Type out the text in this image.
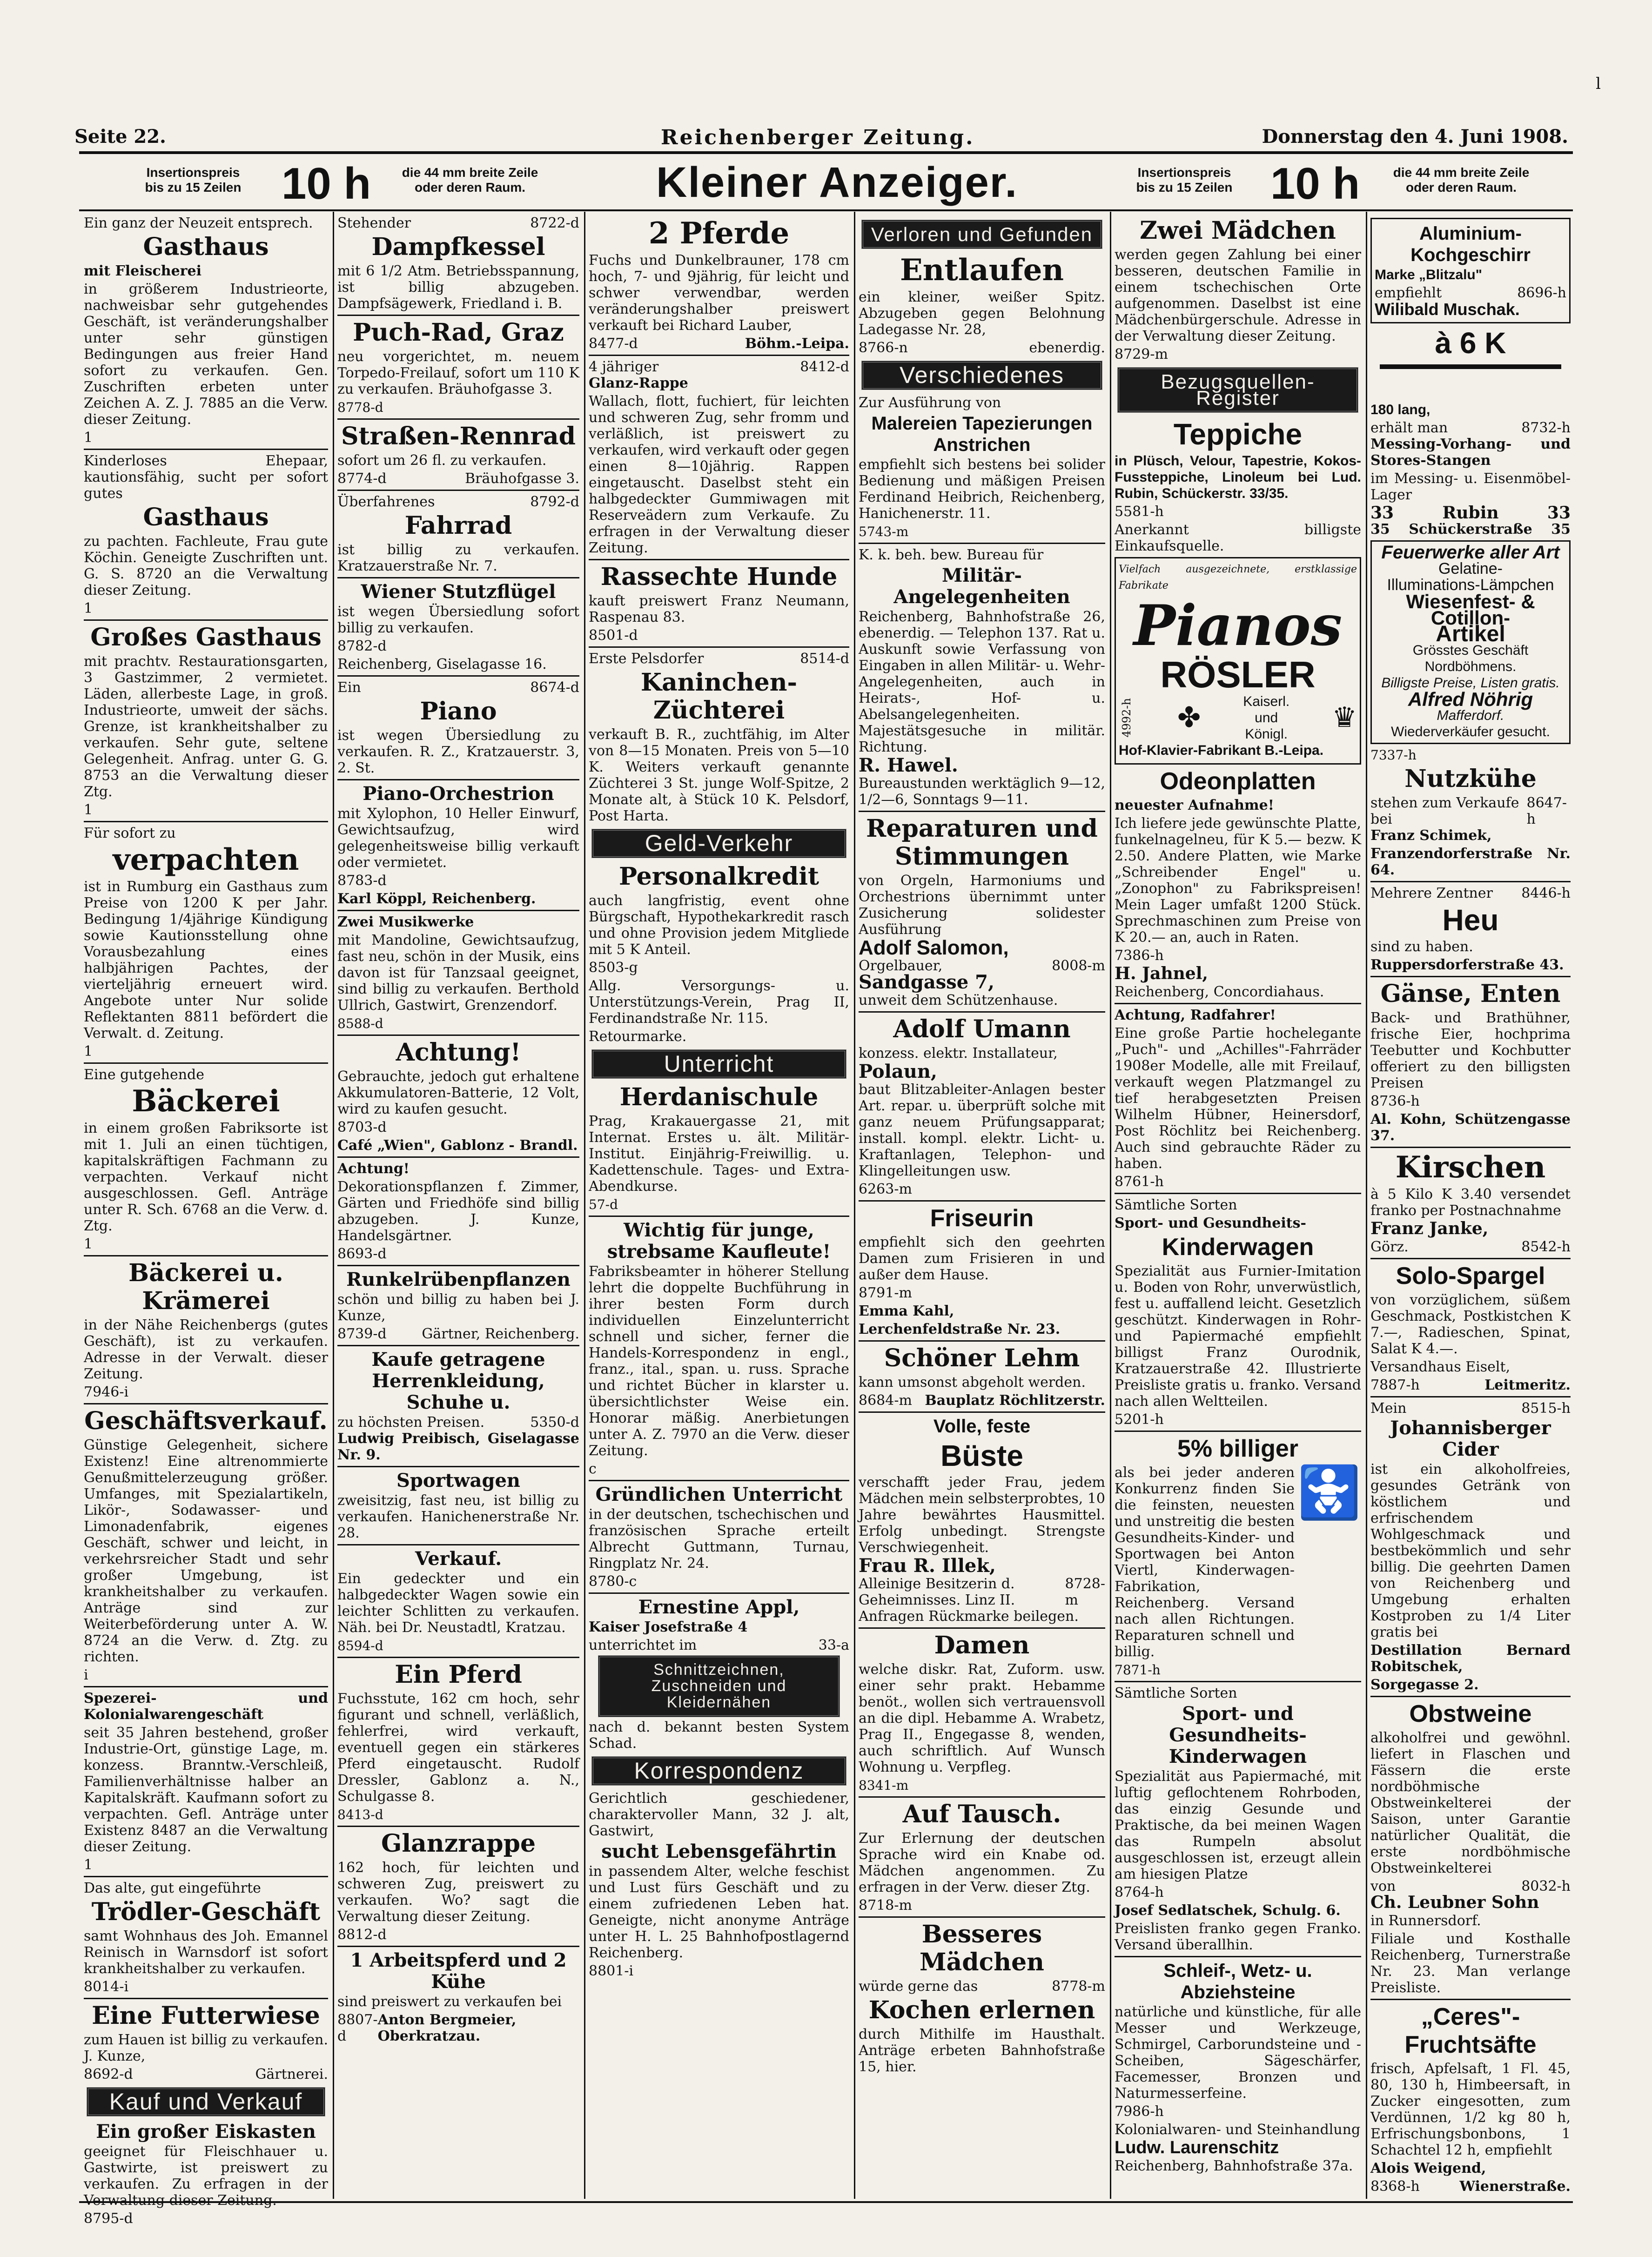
Seite 22.	Reichenberger Zeitung.	Donnerstag den 4. Juni 1908.
l
Insertionspreis
bis zu 15 Zeilen 10 h	die 44 mm breite Zeile
oder deren Raum.	Kleiner Anzeiger.	Insertionspreis
bis zu 15 Zeilen 10 h	die 44 mm breite Zeile
oder deren Raum.

Ein ganz der Neuzeit entsprech.

Gasthaus

mit Fleischerei

in größerem Industrieorte, nachweisbar sehr gutgehendes Geschäft, ist veränderungshalber unter sehr günstigen Bedingungen aus freier Hand sofort zu verkaufen. Gen. Zuschriften erbeten unter Zeichen A. Z. J. 7885 an die Verw. dieser Zeitung.

1

Kinderloses Ehepaar, kautionsfähig, sucht per sofort gutes

Gasthaus

zu pachten. Fachleute, Frau gute Köchin. Geneigte Zuschriften unt. G. S. 8720 an die Verwaltung dieser Zeitung.

1

Großes Gasthaus

mit prachtv. Restaurationsgarten, 3 Gastzimmer, 2 vermietet. Läden, allerbeste Lage, in groß. Industrieorte, umweit der sächs. Grenze, ist krankheitshalber zu verkaufen. Sehr gute, seltene Gelegenheit. Anfrag. unter G. G. 8753 an die Verwaltung dieser Ztg.

1

Für sofort zu

verpachten

ist in Rumburg ein Gasthaus zum Preise von 1200 K per Jahr. Bedingung 1/4jährige Kündigung sowie Kautionsstellung ohne Vorausbezahlung eines halbjährigen Pachtes, der vierteljährig erneuert wird. Angebote unter Nur solide Reflektanten 8811 befördert die Verwalt. d. Zeitung.

1

Eine gutgehende

Bäckerei

in einem großen Fabriksorte ist mit 1. Juli an einen tüchtigen, kapitalskräftigen Fachmann zu verpachten. Verkauf nicht ausgeschlossen. Gefl. Anträge unter R. Sch. 6768 an die Verw. d. Ztg.

1

Bäckerei u. Krämerei

in der Nähe Reichenbergs (gutes Geschäft), ist zu verkaufen. Adresse in der Verwalt. dieser Zeitung.

7946-i

Geschäftsverkauf.

Günstige Gelegenheit, sichere Existenz! Eine altrenommierte Genußmittelerzeugung größer. Umfanges, mit Spezialartikeln, Likör-, Sodawasser- und Limonadenfabrik, eigenes Geschäft, schwer und leicht, in verkehrsreicher Stadt und sehr großer Umgebung, ist krankheitshalber zu verkaufen. Anträge sind zur Weiterbeförderung unter A. W. 8724 an die Verw. d. Ztg. zu richten.

i

Spezerei- und Kolonialwarengeschäft

seit 35 Jahren bestehend, großer Industrie-Ort, günstige Lage, m. konzess. Branntw.-Verschleiß, Familienverhältnisse halber an Kapitalskräft. Kaufmann sofort zu verpachten. Gefl. Anträge unter Existenz 8487 an die Verwaltung dieser Zeitung.

1

Das alte, gut eingeführte

Trödler-Geschäft

samt Wohnhaus des Joh. Emannel Reinisch in Warnsdorf ist sofort krankheitshalber zu verkaufen.

8014-i

Eine Futterwiese

zum Hauen ist billig zu verkaufen. J. Kunze,

8692-d	Gärtnerei.
Kauf und Verkauf
Ein großer Eiskasten

geeignet für Fleischhauer u. Gastwirte, ist preiswert zu verkaufen. Zu erfragen in der Verwaltung dieser Zeitung.

8795-d

Stehender	8722-d
Dampfkessel

mit 6 1/2 Atm. Betriebsspannung, ist billig abzugeben. Dampfsägewerk, Friedland i. B.

Puch-Rad, Graz

neu vorgerichtet, m. neuem Torpedo-Freilauf, sofort um 110 K zu verkaufen. Bräuhofgasse 3.

8778-d

Straßen-Rennrad

sofort um 26 fl. zu verkaufen.

8774-d	Bräuhofgasse 3.
Überfahrenes	8792-d
Fahrrad

ist billig zu verkaufen. Kratzauerstraße Nr. 7.

Wiener Stutzflügel

ist wegen Übersiedlung sofort billig zu verkaufen.

8782-d

Reichenberg, Giselagasse 16.

Ein	8674-d
Piano

ist wegen Übersiedlung zu verkaufen. R. Z., Kratzauerstr. 3, 2. St.

Piano-Orchestrion

mit Xylophon, 10 Heller Einwurf, Gewichtsaufzug, wird gelegenheitsweise billig verkauft oder vermietet.

8783-d

Karl Köppl, Reichenberg.

Zwei Musikwerke

mit Mandoline, Gewichtsaufzug, fast neu, schön in der Musik, eins davon ist für Tanzsaal geeignet, sind billig zu verkaufen. Berthold Ullrich, Gastwirt, Grenzendorf.

8588-d

Achtung!

Gebrauchte, jedoch gut erhaltene Akkumulatoren-Batterie, 12 Volt, wird zu kaufen gesucht.

8703-d

Café „Wien", Gablonz - Brandl.

Achtung!

Dekorationspflanzen f. Zimmer, Gärten und Friedhöfe sind billig abzugeben. J. Kunze, Handelsgärtner.

8693-d

Runkelrübenpflanzen

schön und billig zu haben bei J. Kunze,

8739-d	Gärtner, Reichenberg.
Kaufe getragene Herrenkleidung, Schuhe u.
zu höchsten Preisen.	5350-d

Ludwig Preibisch, Giselagasse Nr. 9.

Sportwagen

zweisitzig, fast neu, ist billig zu verkaufen. Hanichenerstraße Nr. 28.

Verkauf.

Ein gedeckter und ein halbgedeckter Wagen sowie ein leichter Schlitten zu verkaufen. Näh. bei Dr. Neustadtl, Kratzau.

8594-d

Ein Pferd

Fuchsstute, 162 cm hoch, sehr figurant und schnell, verläßlich, fehlerfrei, wird verkauft, eventuell gegen ein stärkeres Pferd eingetauscht. Rudolf Dressler, Gablonz a. N., Schulgasse 8.

8413-d

Glanzrappe

162 hoch, für leichten und schweren Zug, preiswert zu verkaufen. Wo? sagt die Verwaltung dieser Zeitung.

8812-d

1 Arbeitspferd und 2 Kühe

sind preiswert zu verkaufen bei

8807-d
Anton Bergmeier, Oberkratzau.
2 Pferde

Fuchs und Dunkelbrauner, 178 cm hoch, 7- und 9jährig, für leicht und schwer verwendbar, werden veränderungshalber preiswert verkauft bei Richard Lauber,

8477-d	Böhm.-Leipa.
4 jähriger	8412-d

Glanz-Rappe

Wallach, flott, fuchiert, für leichten und schweren Zug, sehr fromm und verläßlich, ist preiswert zu verkaufen, wird verkauft oder gegen einen 8—10jährig. Rappen eingetauscht. Daselbst steht ein halbgedeckter Gummiwagen mit Reserveädern zum Verkaufe. Zu erfragen in der Verwaltung dieser Zeitung.

Rassechte Hunde

kauft preiswert Franz Neumann, Raspenau 83.

8501-d

Erste Pelsdorfer	8514-d
Kaninchen-Züchterei

verkauft B. R., zuchtfähig, im Alter von 8—15 Monaten. Preis von 5—10 K. Weiters verkauft genannte Züchterei 3 St. junge Wolf-Spitze, 2 Monate alt, à Stück 10 K. Pelsdorf, Post Harta.

Geld-Verkehr
Personalkredit

auch langfristig, event ohne Bürgschaft, Hypothekarkredit rasch und ohne Provision jedem Mitgliede mit 5 K Anteil.

8503-g

Allg. Versorgungs- u. Unterstützungs-Verein, Prag II, Ferdinandstraße Nr. 115.

Retourmarke.

Unterricht
Herdanischule

Prag, Krakauergasse 21, mit Internat. Erstes u. ält. Militär-Institut. Einjährig-Freiwillig. u. Kadettenschule. Tages- und Extra-Abendkurse.

57-d

Wichtig für junge, strebsame Kaufleute!

Fabriksbeamter in höherer Stellung lehrt die doppelte Buchführung in ihrer besten Form durch individuellen Einzelunterricht schnell und sicher, ferner die Handels-Korrespondenz in engl., franz., ital., span. u. russ. Sprache und richtet Bücher in klarster u. übersichtlichster Weise ein. Honorar mäßig. Anerbietungen unter A. Z. 7970 an die Verw. dieser Zeitung.

c

Gründlichen Unterricht

in der deutschen, tschechischen und französischen Sprache erteilt Albrecht Guttmann, Turnau, Ringplatz Nr. 24.

8780-c

Ernestine Appl,

Kaiser Josefstraße 4

unterrichtet im	33-a
Schnittzeichnen, Zuschneiden und Kleidernähen

nach d. bekannt besten System Schad.

Korrespondenz

Gerichtlich geschiedener, charaktervoller Mann, 32 J. alt, Gastwirt,

sucht Lebensgefährtin

in passendem Alter, welche feschist und Lust fürs Geschäft und zu einem zufriedenen Leben hat. Geneigte, nicht anonyme Anträge unter H. L. 25 Bahnhofpostlagernd Reichenberg.

8801-i

Verloren und Gefunden
Entlaufen

ein kleiner, weißer Spitz. Abzugeben gegen Belohnung Ladegasse Nr. 28,

8766-n	ebenerdig.
Verschiedenes

Zur Ausführung von

Malereien Tapezierungen Anstrichen

empfiehlt sich bestens bei solider Bedienung und mäßigen Preisen Ferdinand Heibrich, Reichenberg, Hanichenerstr. 11.

5743-m

K. k. beh. bew. Bureau für

Militär-Angelegenheiten

Reichenberg, Bahnhofstraße 26, ebenerdig. — Telephon 137. Rat u. Auskunft sowie Verfassung von Eingaben in allen Militär- u. Wehr-Angelegenheiten, auch in Heirats-, Hof- u. Abelsangelegenheiten. Majestätsgesuche in militär. Richtung.

R. Hawel.

Bureaustunden werktäglich 9—12, 1/2—6, Sonntags 9—11.

Reparaturen und Stimmungen

von Orgeln, Harmoniums und Orchestrions übernimmt unter Zusicherung solidester Ausführung

Adolf Salomon,

Orgelbauer,	8008-m

Sandgasse 7,

unweit dem Schützenhause.

Adolf Umann

konzess. elektr. Installateur,

Polaun,

baut Blitzableiter-Anlagen bester Art. repar. u. überprüft solche mit ganz neuem Prüfungsapparat; install. kompl. elektr. Licht- u. Kraftanlagen, Telephon- und Klingelleitungen usw.

6263-m

Friseurin

empfiehlt sich den geehrten Damen zum Frisieren in und außer dem Hause.

8791-m

Emma Kahl,

Lerchenfeldstraße Nr. 23.

Schöner Lehm

kann umsonst abgeholt werden.

8684-m Bauplatz Röchlitzerstr.
Volle, feste
Büste

verschafft jeder Frau, jedem Mädchen mein selbsterprobtes, 10 Jahre bewährtes Hausmittel. Erfolg unbedingt. Strengste Verschwiegenheit.

Frau R. Illek,

Alleinige Besitzerin d. Geheimnisses. Linz II.
8728-m

Anfragen Rückmarke beilegen.

Damen

welche diskr. Rat, Zuform. usw. einer sehr prakt. Hebamme benöt., wollen sich vertrauensvoll an die dipl. Hebamme A. Wrabetz, Prag II., Engegasse 8, wenden, auch schriftlich. Auf Wunsch Wohnung u. Verpfleg.

8341-m

Auf Tausch.

Zur Erlernung der deutschen Sprache wird ein Knabe od. Mädchen angenommen. Zu erfragen in der Verw. dieser Ztg.

8718-m

Besseres Mädchen
würde gerne das	8778-m
Kochen erlernen

durch Mithilfe im Hausthalt. Anträge erbeten Bahnhofstraße 15, hier.

Zwei Mädchen

werden gegen Zahlung bei einer besseren, deutschen Familie in einem tschechischen Orte aufgenommen. Daselbst ist eine Mädchenbürgerschule. Adresse in der Verwaltung dieser Zeitung.

8729-m

Bezugsquellen-
Register
Teppiche

in Plüsch, Velour, Tapestrie, Kokos-Fussteppiche, Linoleum bei Lud. Rubin, Schückerstr. 33/35.

5581-h

Anerkannt billigste Einkaufsquelle.

Vielfach ausgezeichnete, erstklassige Fabrikate

Pianos
RÖSLER
4992-h ✤	Kaiserl.
und
Königl.
♛

Hof-Klavier-Fabrikant B.-Leipa.

Odeonplatten

neuester Aufnahme!

Ich liefere jede gewünschte Platte, funkelnagelneu, für K 5.— bezw. K 2.50. Andere Platten, wie Marke „Schreibender Engel" u. „Zonophon" zu Fabrikspreisen! Mein Lager umfaßt 1200 Stück. Sprechmaschinen zum Preise von K 20.— an, auch in Raten.

7386-h

H. Jahnel,

Reichenberg, Concordiahaus.

Achtung, Radfahrer!

Eine große Partie hochelegante „Puch"- und „Achilles"-Fahrräder 1908er Modelle, alle mit Freilauf, verkauft wegen Platzmangel zu tief herabgesetzten Preisen Wilhelm Hübner, Heinersdorf, Post Röchlitz bei Reichenberg. Auch sind gebrauchte Räder zu haben.

8761-h

Sämtliche Sorten

Sport- und Gesundheits-

Kinderwagen

Spezialität aus Furnier-Imitation u. Boden von Rohr, unverwüstlich, fest u. auffallend leicht. Gesetzlich geschützt. Kinderwagen in Rohr- und Papiermaché empfiehlt billigst Franz Ourodnik, Kratzauerstraße 42. Illustrierte Preisliste gratis u. franko. Versand nach allen Weltteilen.

5201-h

5% billiger

als bei jeder anderen Konkurrenz finden Sie die feinsten, neuesten und unstreitig die besten Gesundheits-Kinder- und Sportwagen bei Anton Viertl, Kinderwagen-Fabrikation, Reichenberg. Versand nach allen Richtungen. Reparaturen schnell und billig.

🚼

7871-h

Sämtliche Sorten

Sport- und Gesundheits-Kinderwagen

Spezialität aus Papiermaché, mit luftig geflochtenem Rohrboden, das einzig Gesunde und Praktische, da bei meinen Wagen das Rumpeln absolut ausgeschlossen ist, erzeugt allein am hiesigen Platze

8764-h

Josef Sedlatschek, Schulg. 6.

Preislisten franko gegen Franko. Versand überallhin.

Schleif-, Wetz- u. Abziehsteine

natürliche und künstliche, für alle Messer und Werkzeuge, Schmirgel, Carborundsteine und -Scheiben, Sägeschärfer, Facemesser, Bronzen und Naturmesserfeine.

7986-h

Kolonialwaren- und Steinhandlung

Ludw. Laurenschitz

Reichenberg, Bahnhofstraße 37a.

Aluminium-Kochgeschirr

Marke „Blitzalu"

empfiehlt	8696-h

Wilibald Muschak.

à 6 K

180 lang,

erhält man	8732-h

Messing-Vorhang- und Stores-Stangen

im Messing- u. Eisenmöbel-Lager

33	Rubin	33
35 Schückerstraße 35
Feuerwerke aller Art
Gelatine-
Illuminations-Lämpchen
Wiesenfest- & Cotillon-
Artikel
Grösstes Geschäft Nordböhmens.
Billigste Preise, Listen gratis.
Alfred Nöhrig
Mafferdorf.
Wiederverkäufer gesucht.

7337-h

Nutzkühe
stehen zum Verkaufe bei
8647-h

Franz Schimek,

Franzendorferstraße Nr. 64.

Mehrere Zentner 8446-h
Heu

sind zu haben.

Ruppersdorferstraße 43.

Gänse, Enten

Back- und Brathühner, frische Eier, hochprima Teebutter und Kochbutter offeriert zu den billigsten Preisen

8736-h

Al. Kohn, Schützengasse 37.

Kirschen

à 5 Kilo K 3.40 versendet franko per Postnachnahme

Franz Janke,

Görz.	8542-h
Solo-Spargel

von vorzüglichem, süßem Geschmack, Postkistchen K 7.—, Radieschen, Spinat, Salat K 4.—.

Versandhaus Eiselt,

7887-h	Leitmeritz.
Mein	8515-h
Johannisberger Cider

ist ein alkoholfreies, gesundes Getränk von köstlichem und erfrischendem Wohlgeschmack und bestbekömmlich und sehr billig. Die geehrten Damen von Reichenberg und Umgebung erhalten Kostproben zu 1/4 Liter gratis bei

Destillation Bernard Robitschek,

Sorgegasse 2.

Obstweine

alkoholfrei und gewöhnl. liefert in Flaschen und Fässern die erste nordböhmische Obstweinkelterei der Saison, unter Garantie natürlicher Qualität, die erste nordböhmische Obstweinkelterei

von	8032-h

Ch. Leubner Sohn

in Runnersdorf.

Filiale und Kosthalle Reichenberg, Turnerstraße Nr. 23. Man verlange Preisliste.

„Ceres"-Fruchtsäfte

frisch, Apfelsaft, 1 Fl. 45, 80, 130 h, Himbeersaft, in Zucker eingesotten, zum Verdünnen, 1/2 kg 80 h, Erfrischungsbonbons, 1 Schachtel 12 h, empfiehlt

Alois Weigend,

8368-h	Wienerstraße.
